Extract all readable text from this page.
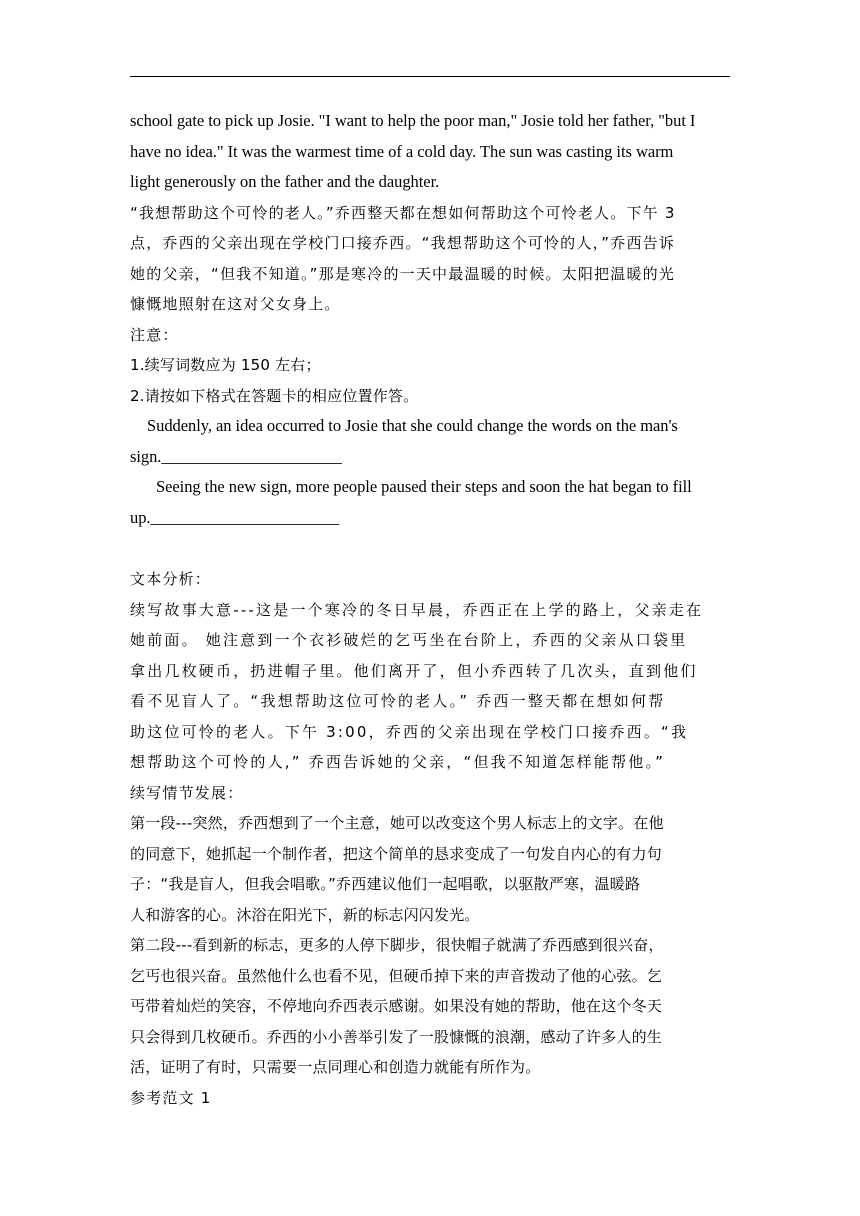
school gate to pick up Josie. "I want to help the poor man," Josie told her father, "but I
have no idea." It was the warmest time of a cold day. The sun was casting its warm
light generously on the father and the daughter.
“我想帮助这个可怜的老人。”乔西整天都在想如何帮助这个可怜老人。下午 3
点，乔西的父亲出现在学校门口接乔西。“我想帮助这个可怜的人，”乔西告诉
她的父亲，“但我不知道。”那是寒冷的一天中最温暖的时候。太阳把温暖的光
慷慨地照射在这对父女身上。
注意：
1.续写词数应为 150 左右；
2.请按如下格式在答题卡的相应位置作答。
Suddenly, an idea occurred to Josie that she could change the words on the man's
sign.______________________
Seeing the new sign, more people paused their steps and soon the hat began to fill
up._______________________
文本分析：
续写故事大意---这是一个寒冷的冬日早晨，乔西正在上学的路上，父亲走在
她前面。 她注意到一个衣衫破烂的乞丐坐在台阶上，乔西的父亲从口袋里
拿出几枚硬币，扔进帽子里。他们离开了，但小乔西转了几次头，直到他们
看不见盲人了。“我想帮助这位可怜的老人。” 乔西一整天都在想如何帮
助这位可怜的老人。下午 3:00，乔西的父亲出现在学校门口接乔西。“我
想帮助这个可怜的人,” 乔西告诉她的父亲，“但我不知道怎样能帮他。”
续写情节发展：
第一段---突然，乔西想到了一个主意，她可以改变这个男人标志上的文字。在他
的同意下，她抓起一个制作者，把这个简单的恳求变成了一句发自内心的有力句
子：“我是盲人，但我会唱歌。”乔西建议他们一起唱歌，以驱散严寒，温暖路
人和游客的心。沐浴在阳光下，新的标志闪闪发光。
第二段---看到新的标志，更多的人停下脚步，很快帽子就满了乔西感到很兴奋，
乞丐也很兴奋。虽然他什么也看不见，但硬币掉下来的声音拨动了他的心弦。乞
丐带着灿烂的笑容，不停地向乔西表示感谢。如果没有她的帮助，他在这个冬天
只会得到几枚硬币。乔西的小小善举引发了一股慷慨的浪潮，感动了许多人的生
活，证明了有时，只需要一点同理心和创造力就能有所作为。
参考范文 1
